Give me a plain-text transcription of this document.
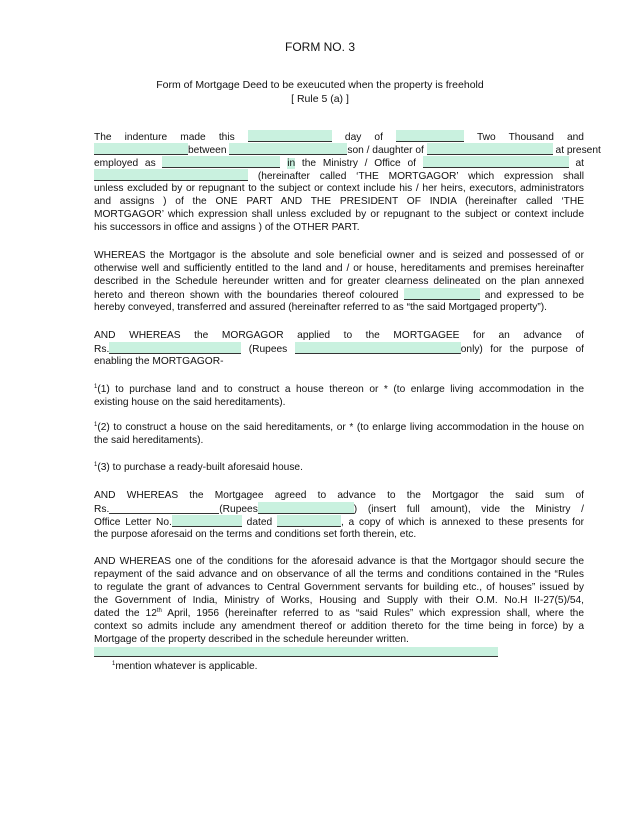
FORM NO. 3
Form of Mortgage Deed to be exeucuted when the property is freehold
[ Rule 5 (a) ]
The indenture made this	day of	Two Thousand and
between	son / daughter of	at present
employed as	in the Ministry / Office of	at
(hereinafter called ‘THE MORTGAGOR’ which expression shall
unless excluded by or repugnant to the subject or context include his / her heirs, executors, administrators
and assigns ) of the ONE PART AND THE PRESIDENT OF INDIA (hereinafter called ‘THE
MORTGAGOR’ which expression shall unless excluded by or repugnant to the subject or context include
his successors in office and assigns ) of the OTHER PART.
WHEREAS the Mortgagor is the absolute and sole beneficial owner and is seized and possessed of or
otherwise well and sufficiently entitled to the land and / or house, hereditaments and premises hereinafter
described in the Schedule hereunder written and for greater clearness delineated on the plan annexed
hereto and thereon shown with the boundaries thereof coloured	and expressed to be
hereby conveyed, transferred and assured (hereinafter referred to as “the said Mortgaged property”).
AND WHEREAS the MORGAGOR applied to the MORTGAGEE for an advance of
Rs.	(Rupees	only) for the purpose of
enabling the MORTGAGOR-
$^1$(1) to purchase land and to construct a house thereon or * (to enlarge living accommodation in the
existing house on the said hereditaments).
$^1$(2) to construct a house on the said hereditaments, or * (to enlarge living accommodation in the house on
the said hereditaments).
$^1$(3) to purchase a ready-built aforesaid house.
AND WHEREAS the Mortgagee agreed to advance to the Mortgagor the said sum of
Rs.	(Rupees	) (insert full amount), vide the Ministry /
Office Letter No.	dated	, a copy of which is annexed to these presents for
the purpose aforesaid on the terms and conditions set forth therein, etc.
AND WHEREAS one of the conditions for the aforesaid advance is that the Mortgagor should secure the
repayment of the said advance and on observance of all the terms and conditions contained in the “Rules
to regulate the grant of advances to Central Government servants for building etc., of houses” issued by
the Government of India, Ministry of Works, Housing and Supply with their O.M. No.H II-27(5)/54,
dated the 12th April, 1956 (hereinafter referred to as “said Rules” which expression shall, where the
context so admits include any amendment thereof or addition thereto for the time being in force) by a
Mortgage of the property described in the schedule hereunder written.
$^1$mention whatever is applicable.
